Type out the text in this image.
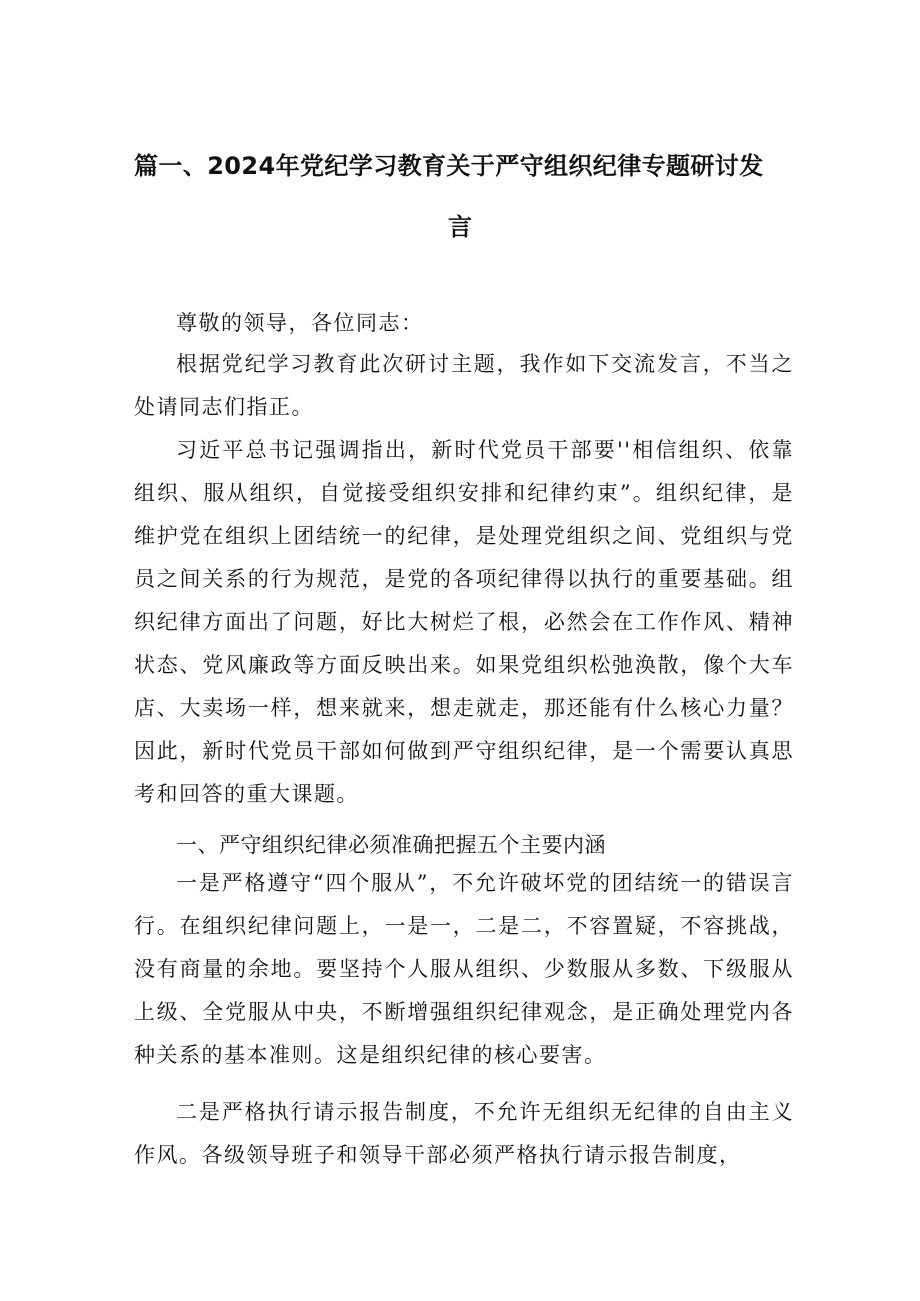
篇一、2024年党纪学习教育关于严守组织纪律专题研讨发
言
尊敬的领导，各位同志：

根据党纪学习教育此次研讨主题，我作如下交流发言，不当之处请同志们指正。

习近平总书记强调指出，新时代党员干部要''相信组织、依靠组织、服从组织，自觉接受组织安排和纪律约束”。组织纪律，是维护党在组织上团结统一的纪律，是处理党组织之间、党组织与党员之间关系的行为规范，是党的各项纪律得以执行的重要基础。组织纪律方面出了问题，好比大树烂了根，必然会在工作作风、精神状态、党风廉政等方面反映出来。如果党组织松弛涣散，像个大车店、大卖场一样，想来就来，想走就走，那还能有什么核心力量？因此，新时代党员干部如何做到严守组织纪律，是一个需要认真思考和回答的重大课题。

一、严守组织纪律必须准确把握五个主要内涵

一是严格遵守“四个服从”，不允许破坏党的团结统一的错误言行。在组织纪律问题上，一是一，二是二，不容置疑，不容挑战，没有商量的余地。要坚持个人服从组织、少数服从多数、下级服从上级、全党服从中央，不断增强组织纪律观念，是正确处理党内各种关系的基本准则。这是组织纪律的核心要害。

二是严格执行请示报告制度，不允许无组织无纪律的自由主义作风。各级领导班子和领导干部必须严格执行请示报告制度，
